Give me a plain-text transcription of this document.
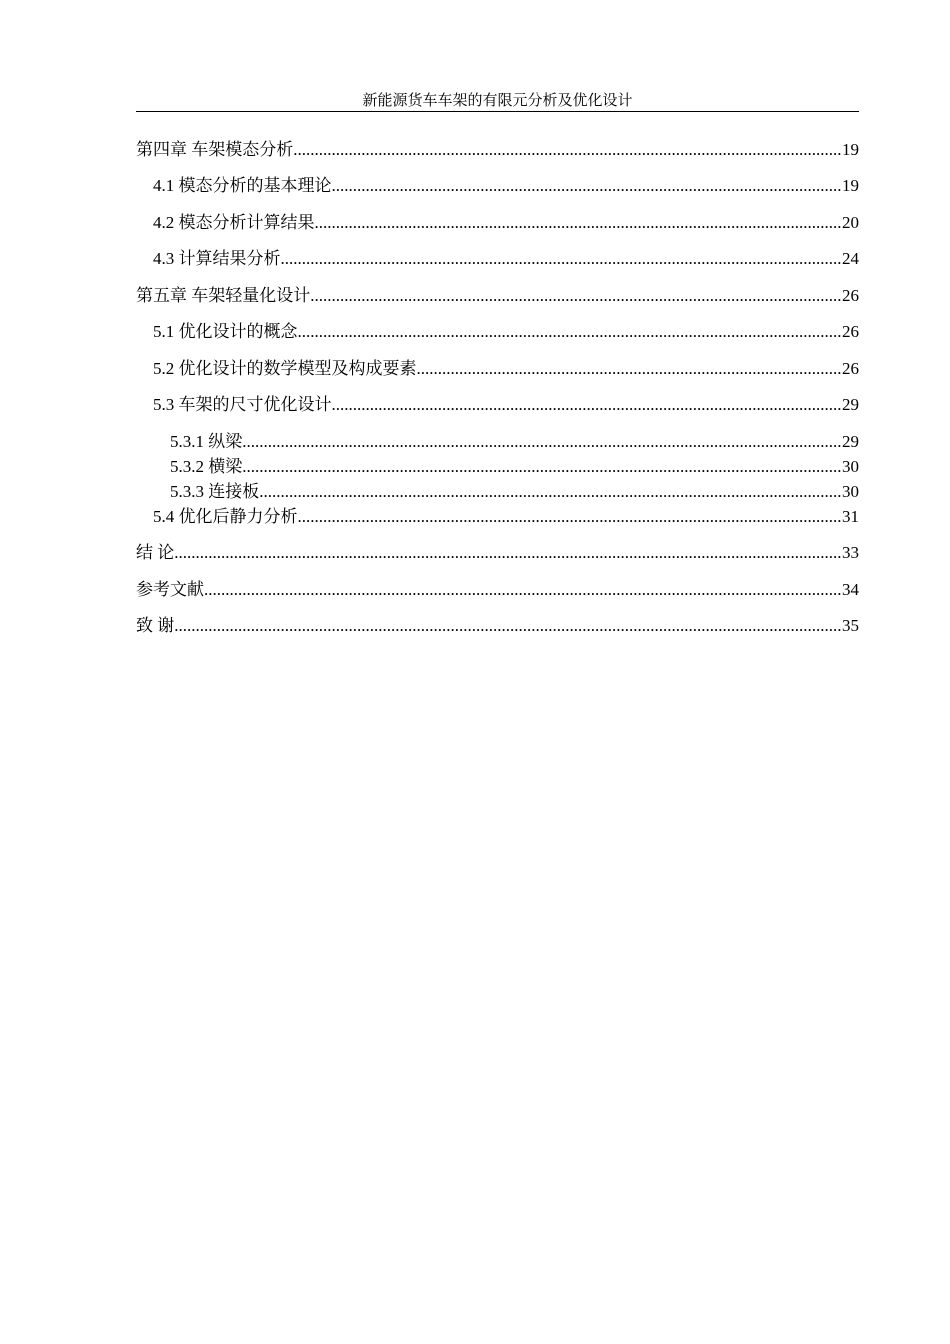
新能源货车车架的有限元分析及优化设计
第四章 车架模态分析 .....	19
4.1 模态分析的基本理论 .....	19
4.2 模态分析计算结果 .....	20
4.3 计算结果分析 .....	24
第五章 车架轻量化设计 .....	26
5.1 优化设计的概念 .....	26
5.2 优化设计的数学模型及构成要素 .....	26
5.3 车架的尺寸优化设计 .....	29
5.3.1 纵梁 .....	29
5.3.2 横梁 .....	30
5.3.3 连接板 .....	30
5.4 优化后静力分析 .....	31
结 论 .....	33
参考文献 .....	34
致 谢 .....	35
